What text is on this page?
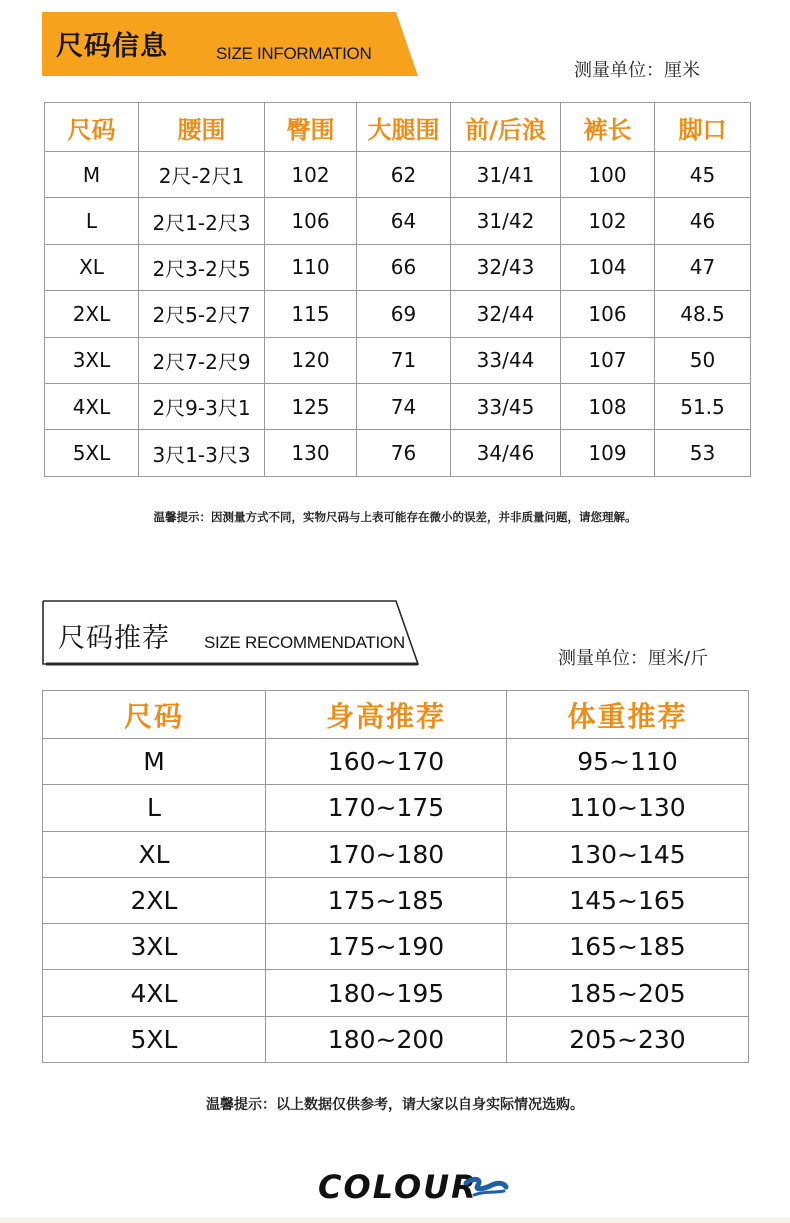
尺码信息	SIZE INFORMATION
测量单位：厘米
尺码	腰围	臀围	大腿围	前/后浪	裤长	脚口
M	2尺-2尺1	102	62	31/41	100	45
L	2尺1-2尺3	106	64	31/42	102	46
XL	2尺3-2尺5	110	66	32/43	104	47
2XL	2尺5-2尺7	115	69	32/44	106	48.5
3XL	2尺7-2尺9	120	71	33/44	107	50
4XL	2尺9-3尺1	125	74	33/45	108	51.5
5XL	3尺1-3尺3	130	76	34/46	109	53
温馨提示：因测量方式不同，实物尺码与上表可能存在微小的误差，并非质量问题，请您理解。
尺码推荐 SIZE RECOMMENDATION
测量单位：厘米/斤
尺码	身高推荐	体重推荐
M	160~170	95~110
L	170~175	110~130
XL	170~180	130~145
2XL	175~185	145~165
3XL	175~190	165~185
4XL	180~195	185~205
5XL	180~200	205~230
温馨提示：以上数据仅供参考，请大家以自身实际情况选购。
COLOUR
